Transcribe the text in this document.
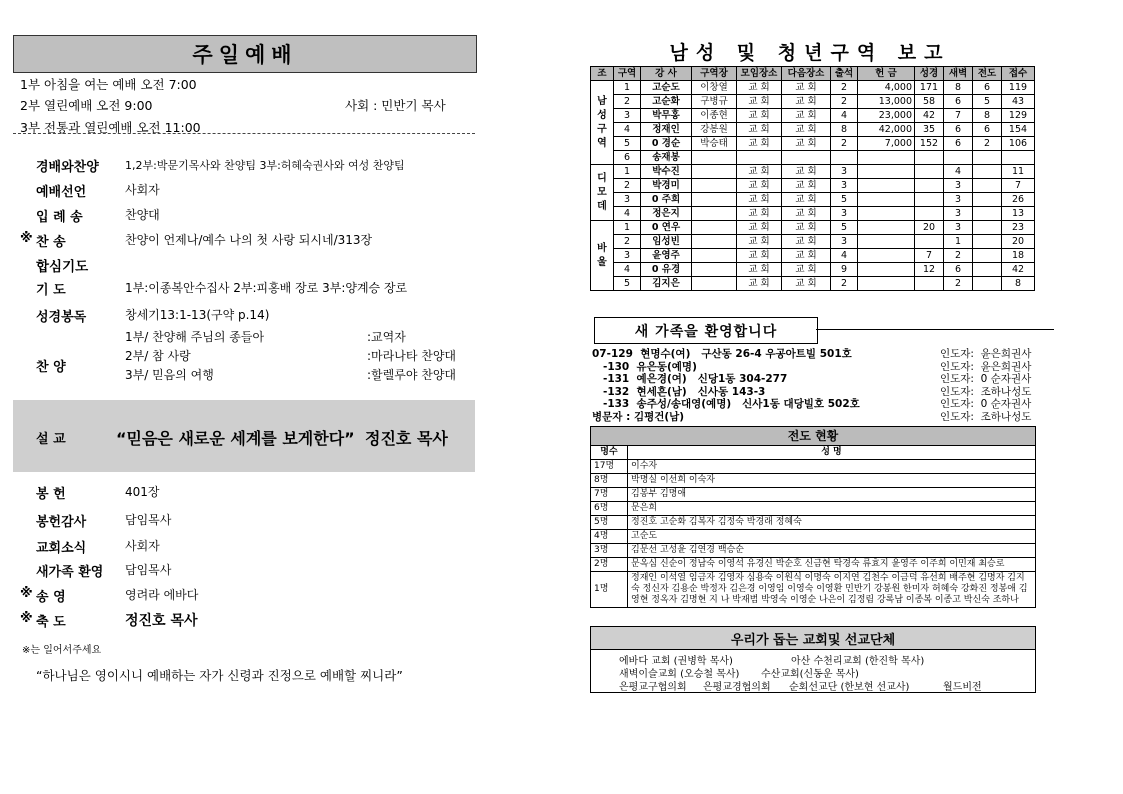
주일예배
1부 아침을 여는 예배 오전 7:00
2부 열린예배 오전 9:00	사회 : 민반기 목사
3부 전통과 열린예배 오전 11:00
경배와찬양 1,2부:박문기목사와 찬양팀 3부:허혜숙권사와 여성 찬양팀
예배선언	사회자
입 례 송	찬양대
※ 찬 송	찬양이 언제나/예수 나의 첫 사랑 되시네/313장
합심기도
기 도	1부:이종복안수집사 2부:피홍배 장로 3부:양계승 장로
성경봉독	창세기13:1-13(구약 p.14)
찬 양
1부/ 찬양해 주님의 종들아	:교역자
2부/ 참 사랑	:마라나타 찬양대
3부/ 믿음의 여행	:할렐루야 찬양대
설 교	“믿음은 새로운 세계를 보게한다” 정진호 목사
봉 헌	401장
봉헌감사	담임목사
교회소식	사회자
새가족 환영 담임목사
※ 송 영	영려라 에바다
※ 축 도	정진호 목사
※는 일어서주세요
“하나님은 영이시니 예배하는 자가 신령과 진정으로 예배할 찌니라”
남성 및 청년구역 보고
조	구역	강 사	구역장	모임장소	다음장소	출석	헌 금	성경	새벽	전도	접수
남성구역	1	고순도	이창열	교 회	교 회	2	4,000	171	8	6	119
	2	고순화	구병규	교 회	교 회	2	13,000	58	6	5	43
	3	박무홍	이종현	교 회	교 회	4	23,000	42	7	8	129
	4	정재인	강봉원	교 회	교 회	8	42,000	35	6	6	154
	5	0 경순	박승태	교 회	교 회	2	7,000	152	6	2	106
	6	송재봉									
디모데	1	박수진		교 회	교 회	3			4		11
	2	박경미		교 회	교 회	3			3		7
	3	0 주희		교 회	교 회	5			3		26
	4	정은지		교 회	교 회	3			3		13
바울	1	0 연우		교 회	교 회	5		20	3		23
	2	임성빈		교 회	교 회	3			1		20
	3	윤영주		교 회	교 회	4		7	2		18
	4	0 유경		교 회	교 회	9		12	6		42
	5	김지은		교 회	교 회	2			2		8
새 가족을 환영합니다
07-129  현명수(여)   구산동 26-4 우공아트빌 501호	인도자:  윤은희권사
-130  유은동(예명)	인도자:  윤은희권사
-131  예은경(여)   신당1동 304-277	인도자:  0 순자권사
-132  현세흔(남)   신사동 143-3	인도자:  조하나성도
-133  송주성/송대영(예명)   신사1동 대당빌호 502호	인도자:  0 순자권사
병문자 : 김평건(남)	인도자:  조하나성도
전도 현황	
명수	성 명
17명	이수자
8명	박명실 이선희 이숙자
7명	김봉부 김명애
6명	문은희
5명	정진호 고순화 김복자 김정숙 박경래 정혜숙
4명	고순도
3명	김문선 고성윤 김연경 백승순
2명	문옥심 신순이 정남숙 이영석 유경신 박순호 신금현 탁경숙 류효지 윤영주 이주희 이민재 최승로
1명	정재인 이석열 임금자 김영자 심용숙 이원식 이명숙 이지연 김천수 이금덕 유선희 배주현 김명자 김지숙 정신자 김용순 박정자 김은경 이영임 이영숙 이영환 민반기 강봉원 한미자 허혜숙 강화진 정봉애 김영현 정옥자 김명현 지 나 박재범 박영숙 이영순 나은이 김정림 강록남 이종복 이종고 박신숙 조하나
우리가 돕는 교회및 선교단체
에바다 교회 (권병학 목사)	아산 수천리교회 (한진학 목사)
새벽이슬교회 (오승철 목사) 수산교회(신동운 목사)
은평교구협의회 은평교경협의회 순회선교단 (한보현 선교사)	월드비전
